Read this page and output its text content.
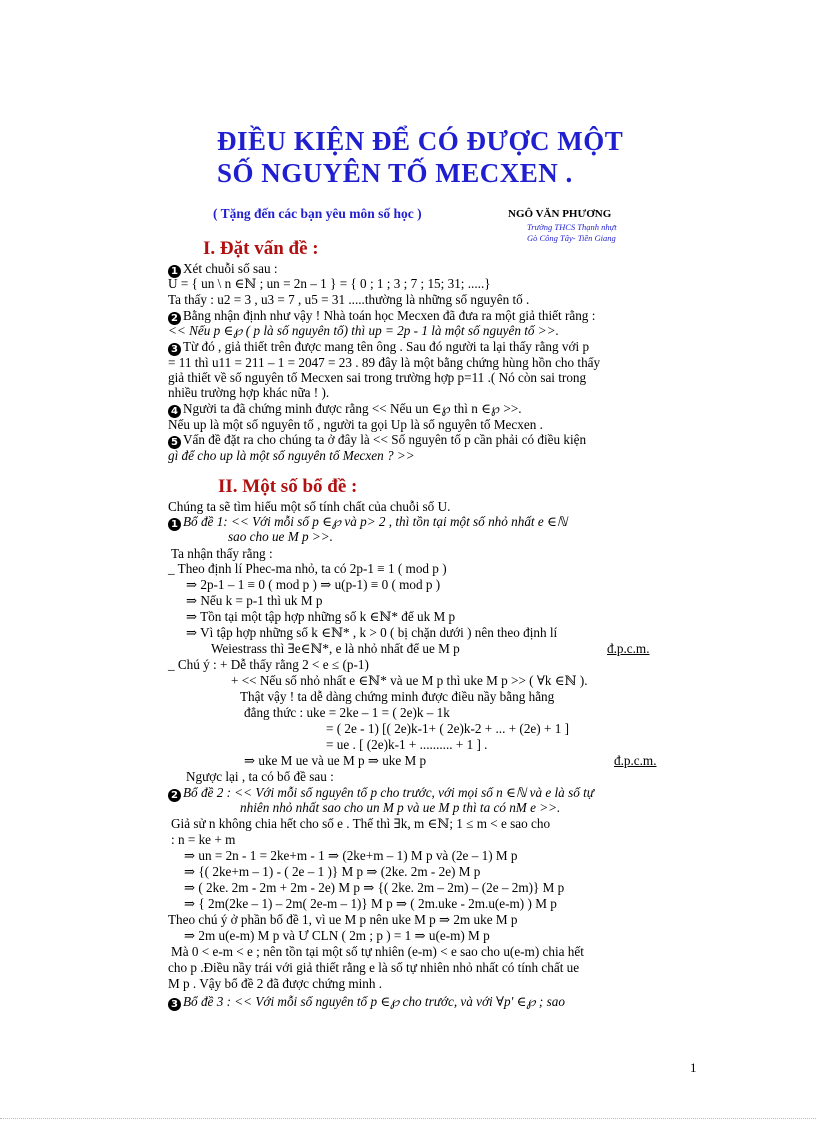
ĐIỀU KIỆN ĐỂ CÓ ĐƯỢC MỘT
SỐ NGUYÊN TỐ MECXEN .
( Tặng đến các bạn yêu môn số học )	NGÔ VĂN PHƯƠNG
Trường THCS Thạnh nhựt
Gò Công Tây- Tiền Giang
I. Đặt vấn đề :
1 Xét chuỗi số sau :
U = { un \ n ∈ℕ ; un = 2n – 1 } = { 0 ; 1 ; 3 ; 7 ; 15; 31; .....}
Ta thấy : u2 = 3 , u3 = 7 , u5 = 31 .....thường là những số nguyên tố .
2 Bằng nhận định như vậy ! Nhà toán học Mecxen đã đưa ra một giả thiết rằng :
<< Nếu p ∈℘ ( p là số nguyên tố) thì up = 2p - 1 là một số nguyên tố >>.
3 Từ đó , giả thiết trên được mang tên ông . Sau đó người ta lại thấy rằng với p
= 11 thì u11 = 211 – 1 = 2047 = 23 . 89 đây là một bằng chứng hùng hồn cho thấy
giả thiết về số nguyên tố Mecxen sai trong trường hợp p=11 .( Nó còn sai trong
nhiều trường hợp khác nữa ! ).
4 Người ta đã chứng minh được rằng << Nếu un ∈℘ thì n ∈℘ >>.
Nếu up là một số nguyên tố , người ta gọi Up là số nguyên tố Mecxen .
5 Vấn đề đặt ra cho chúng ta ở đây là << Số nguyên tố p cần phải có điều kiện
gì để cho up là một số nguyên tố Mecxen ? >>
II. Một số bổ đề :
Chúng ta sẽ tìm hiểu một số tính chất của chuỗi số U.
1 Bổ đề 1: << Với mỗi số p ∈℘ và p> 2 , thì tồn tại một số nhỏ nhất e ∈ℕ
sao cho ue M p >>.
Ta nhận thấy rằng :
_ Theo định lí Phec-ma nhỏ, ta có 2p-1 ≡ 1 ( mod p )
⇒ 2p-1 – 1 ≡ 0 ( mod p ) ⇒ u(p-1) ≡ 0 ( mod p )
⇒ Nếu k = p-1 thì uk M p
⇒ Tồn tại một tập hợp những số k ∈ℕ* để uk M p
⇒ Vì tập hợp những số k ∈ℕ* , k > 0 ( bị chặn dưới ) nên theo định lí
Weiestrass thì ∃e∈ℕ*, e là nhỏ nhất để ue M p	đ.p.c.m.
_ Chú ý : + Dễ thấy rằng 2 < e ≤ (p-1)
+ << Nếu số nhỏ nhất e ∈ℕ* và ue M p thì uke M p >> ( ∀k ∈ℕ ).
Thật vậy ! ta dễ dàng chứng minh được điều nầy bằng hằng
đẳng thức : uke = 2ke – 1 = ( 2e)k – 1k
= ( 2e - 1) [( 2e)k-1+ ( 2e)k-2 + ... + (2e) + 1 ]
= ue . [ (2e)k-1 + .......... + 1 ] .
⇒ uke M ue và ue M p ⇒ uke M p	đ.p.c.m.
Ngược lại , ta có bổ đề sau :
2 Bổ đề 2 : << Với mỗi số nguyên tố p cho trước, với mọi số n ∈ℕ và e là số tự
nhiên nhỏ nhất sao cho un M p và ue M p thì ta có nM e >>.
Giả sử n không chia hết cho số e . Thế thì ∃k, m ∈ℕ; 1 ≤ m < e sao cho
: n = ke + m
⇒ un = 2n - 1 = 2ke+m - 1 ⇒ (2ke+m – 1) M p và (2e – 1) M p
⇒ {( 2ke+m – 1) - ( 2e – 1 )} M p ⇒ (2ke. 2m - 2e) M p
⇒ ( 2ke. 2m - 2m + 2m - 2e) M p ⇒ {( 2ke. 2m – 2m) – (2e – 2m)} M p
⇒ { 2m(2ke – 1) – 2m( 2e-m – 1)} M p ⇒ ( 2m.uke - 2m.u(e-m) ) M p
Theo chú ý ở phần bổ đề 1, vì ue M p nên uke M p ⇒ 2m uke M p
⇒ 2m u(e-m) M p và Ư CLN ( 2m ; p ) = 1 ⇒ u(e-m) M p
Mà 0 < e-m < e ; nên tồn tại một số tự nhiên (e-m) < e sao cho u(e-m) chia hết
cho p .Điều nầy trái với giả thiết rằng e là số tự nhiên nhỏ nhất có tính chất ue
M p . Vậy bổ đề 2 đã được chứng minh .
3 Bổ đề 3 : << Với mỗi số nguyên tố p ∈℘ cho trước, và với ∀p' ∈℘ ; sao
1
